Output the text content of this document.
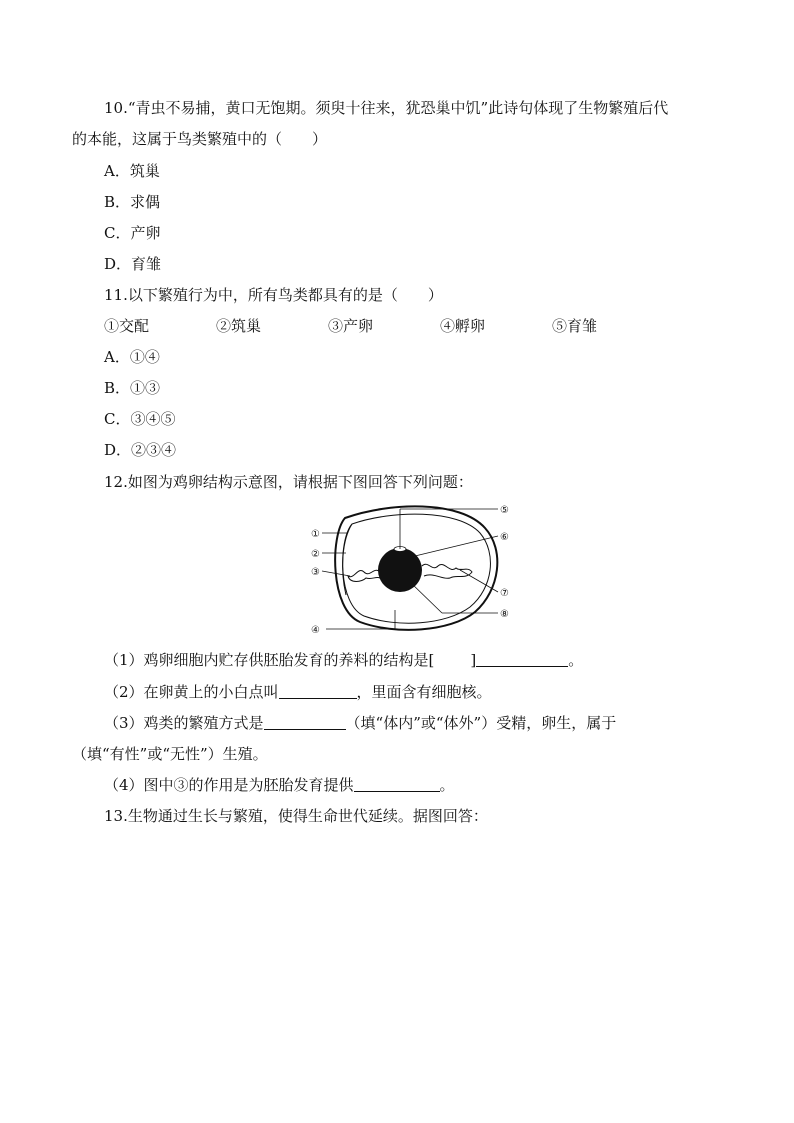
10.“青虫不易捕，黄口无饱期。须臾十往来，犹恐巢中饥”此诗句体现了生物繁殖后代
的本能，这属于鸟类繁殖中的（　　）
A．筑巢
B．求偶
C．产卵
D．育雏
11.以下繁殖行为中，所有鸟类都具有的是（　　）
①交配	②筑巢	③产卵	④孵卵	⑤育雏
A．①④
B．①③
C．③④⑤
D．②③④
12.如图为鸡卵结构示意图，请根据下图回答下列问题：
①
②
③
④
⑤
⑥
⑦
⑧
（1）鸡卵细胞内贮存供胚胎发育的养料的结构是[ ]	。
（2）在卵黄上的小白点叫	，里面含有细胞核。
（3）鸡类的繁殖方式是	（填“体内”或“体外”）受精，卵生，属于
（填“有性”或“无性”）生殖。
（4）图中③的作用是为胚胎发育提供	。
13.生物通过生长与繁殖，使得生命世代延续。据图回答：
